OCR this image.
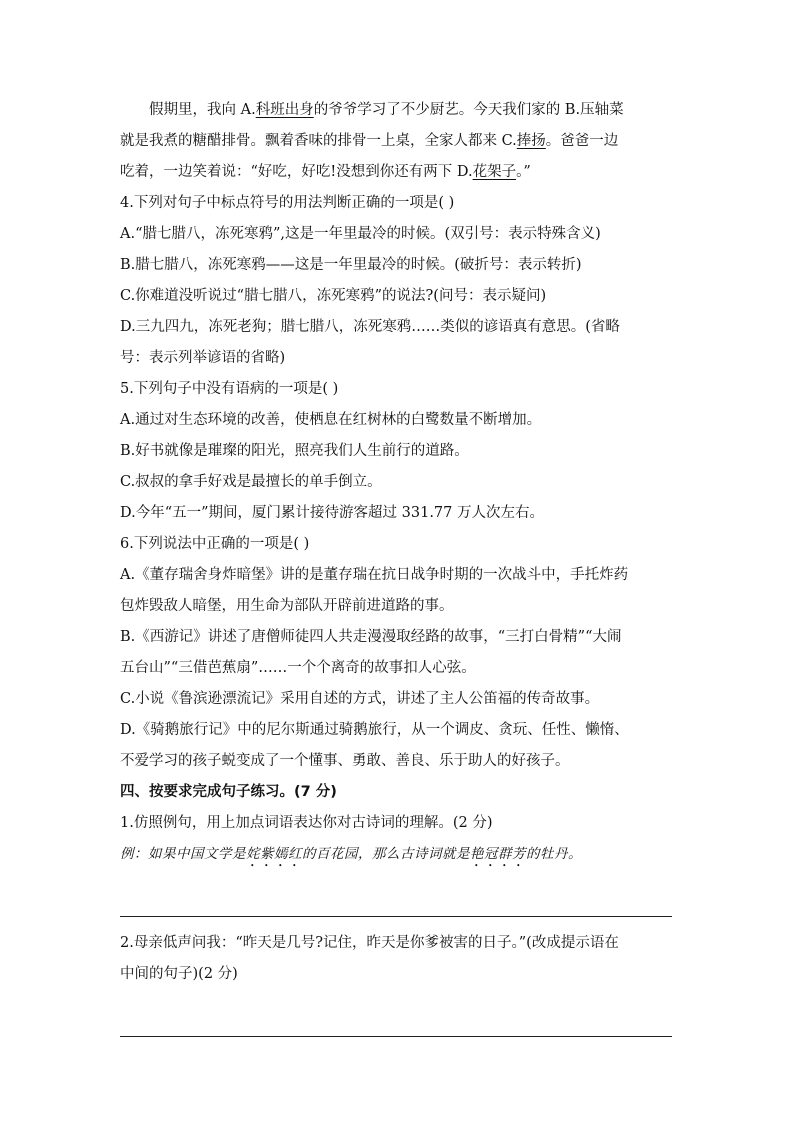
假期里，我向 A.科班出身的爷爷学习了不少厨艺。今天我们家的 B.压轴菜
就是我煮的糖醋排骨。飘着香味的排骨一上桌，全家人都来 C.捧扬。爸爸一边
吃着，一边笑着说：“好吃，好吃!没想到你还有两下 D.花架子。”
4.下列对句子中标点符号的用法判断正确的一项是( )
A.“腊七腊八，冻死寒鸦”,这是一年里最冷的时候。(双引号：表示特殊含义)
B.腊七腊八，冻死寒鸦——这是一年里最冷的时候。(破折号：表示转折)
C.你难道没听说过“腊七腊八，冻死寒鸦”的说法?(问号：表示疑问)
D.三九四九，冻死老狗；腊七腊八，冻死寒鸦……类似的谚语真有意思。(省略
号：表示列举谚语的省略)
5.下列句子中没有语病的一项是( )
A.通过对生态环境的改善，使栖息在红树林的白鹭数量不断增加。
B.好书就像是璀璨的阳光，照亮我们人生前行的道路。
C.叔叔的拿手好戏是最擅长的单手倒立。
D.今年“五一”期间，厦门累计接待游客超过 331.77 万人次左右。
6.下列说法中正确的一项是( )
A.《董存瑞舍身炸暗堡》讲的是董存瑞在抗日战争时期的一次战斗中，手托炸药
包炸毁敌人暗堡，用生命为部队开辟前进道路的事。
B.《西游记》讲述了唐僧师徒四人共走漫漫取经路的故事，“三打白骨精”“大闹
五台山”“三借芭蕉扇”……一个个离奇的故事扣人心弦。
C.小说《鲁滨逊漂流记》采用自述的方式，讲述了主人公笛福的传奇故事。
D.《骑鹅旅行记》中的尼尔斯通过骑鹅旅行，从一个调皮、贪玩、任性、懒惰、
不爱学习的孩子蜕变成了一个懂事、勇敢、善良、乐于助人的好孩子。
四、按要求完成句子练习。(7 分)
1.仿照例句，用上加点词语表达你对古诗词的理解。(2 分)
例：如果中国文学是姹紫嫣红的百花园，那么古诗词就是艳冠群芳的牡丹。
2.母亲低声问我：“昨天是几号?记住，昨天是你爹被害的日子。”(改成提示语在
中间的句子)(2 分)
